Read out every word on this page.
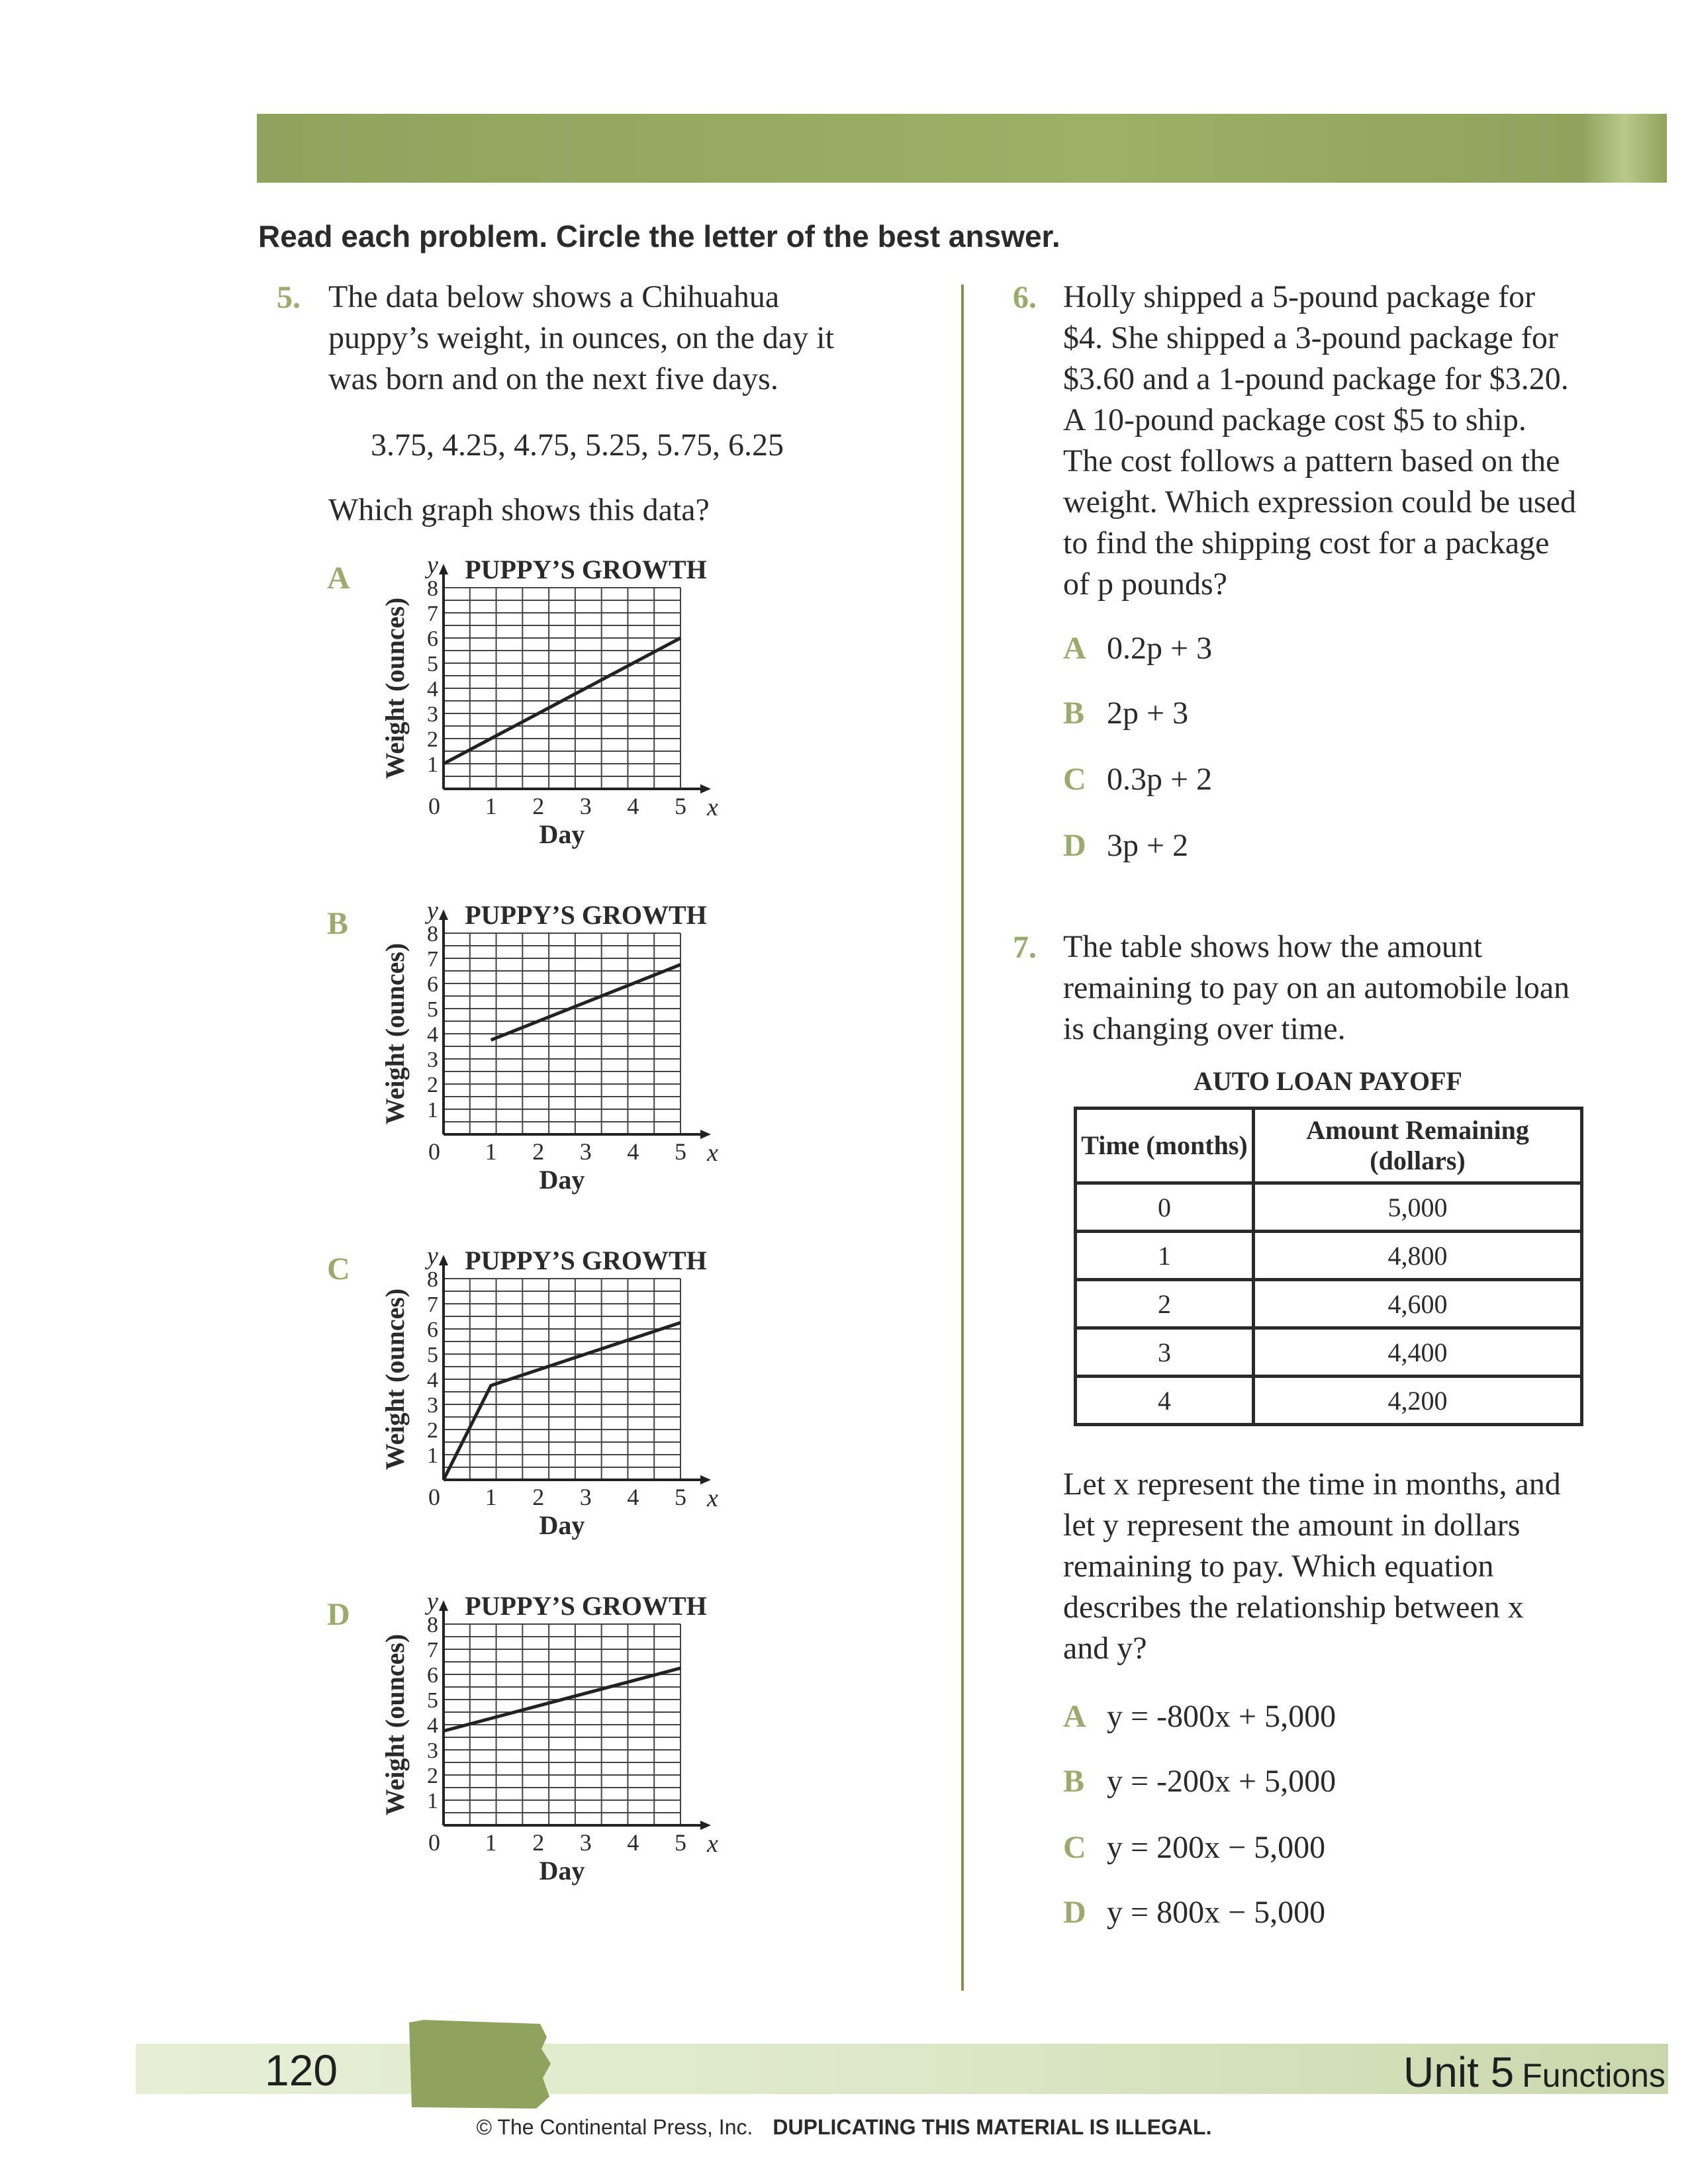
Read each problem. Circle the letter of the best answer.
5. The data below shows a Chihuahua

puppy’s weight, in ounces, on the day it

was born and on the next five days.

3.75, 4.25, 4.75, 5.25, 5.75, 6.25
Which graph shows this data?
A	PUPPY’S GROWTH
y
x
0 1 2 3 4 5
1
2
3
4
5
6
7
8
Day
Weight (ounces)
B	PUPPY’S GROWTH
y
x
0 1 2 3 4 5
1
2
3
4
5
6
7
8
Day
Weight (ounces)
C	PUPPY’S GROWTH
y
x
0 1 2 3 4 5
1
2
3
4
5
6
7
8
Day
Weight (ounces)
D	PUPPY’S GROWTH
y
x
0 1 2 3 4 5
1
2
3
4
5
6
7
8
Day
Weight (ounces)
6. Holly shipped a 5-pound package for

$4. She shipped a 3-pound package for

$3.60 and a 1-pound package for $3.20.

A 10-pound package cost $5 to ship.

The cost follows a pattern based on the

weight. Which expression could be used

to find the shipping cost for a package

of p pounds?

A 0.2p + 3
B 2p + 3
C 0.3p + 2
D 3p + 2
7. The table shows how the amount

remaining to pay on an automobile loan

is changing over time.

AUTO LOAN PAYOFF
Time (months)	Amount Remaining (dollars)
0	5,000
1	4,800
2	4,600
3	4,400
4	4,200

Let x represent the time in months, and

let y represent the amount in dollars

remaining to pay. Which equation

describes the relationship between x

and y?

A y = -800x + 5,000
B y = -200x + 5,000
C y = 200x − 5,000
D y = 800x − 5,000
120	Unit 5 Functions
© The Continental Press, Inc. DUPLICATING THIS MATERIAL IS ILLEGAL.
